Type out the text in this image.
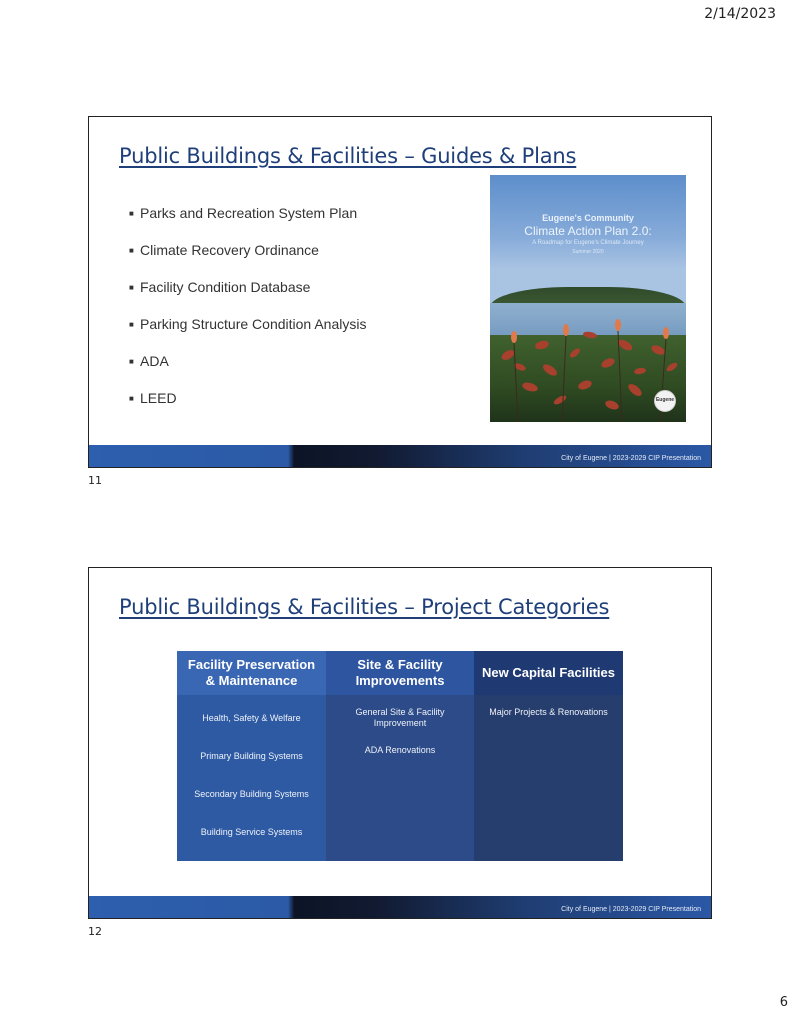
2/14/2023
Public Buildings & Facilities – Guides & Plans
■ Parks and Recreation System Plan
■ Climate Recovery Ordinance
■ Facility Condition Database
■ Parking Structure Condition Analysis
■ ADA
■ LEED
Eugene's Community
Climate Action Plan 2.0:
A Roadmap for Eugene's Climate Journey
Summer 2020
Eugene
City of Eugene | 2023-2029 CIP Presentation
11
Public Buildings & Facilities – Project Categories
Facility Preservation & Maintenance
Health, Safety & Welfare
Primary Building Systems
Secondary Building Systems
Building Service Systems
Site & Facility Improvements
General Site & Facility Improvement
ADA Renovations
New Capital Facilities
Major Projects & Renovations
City of Eugene | 2023-2029 CIP Presentation
12
6
